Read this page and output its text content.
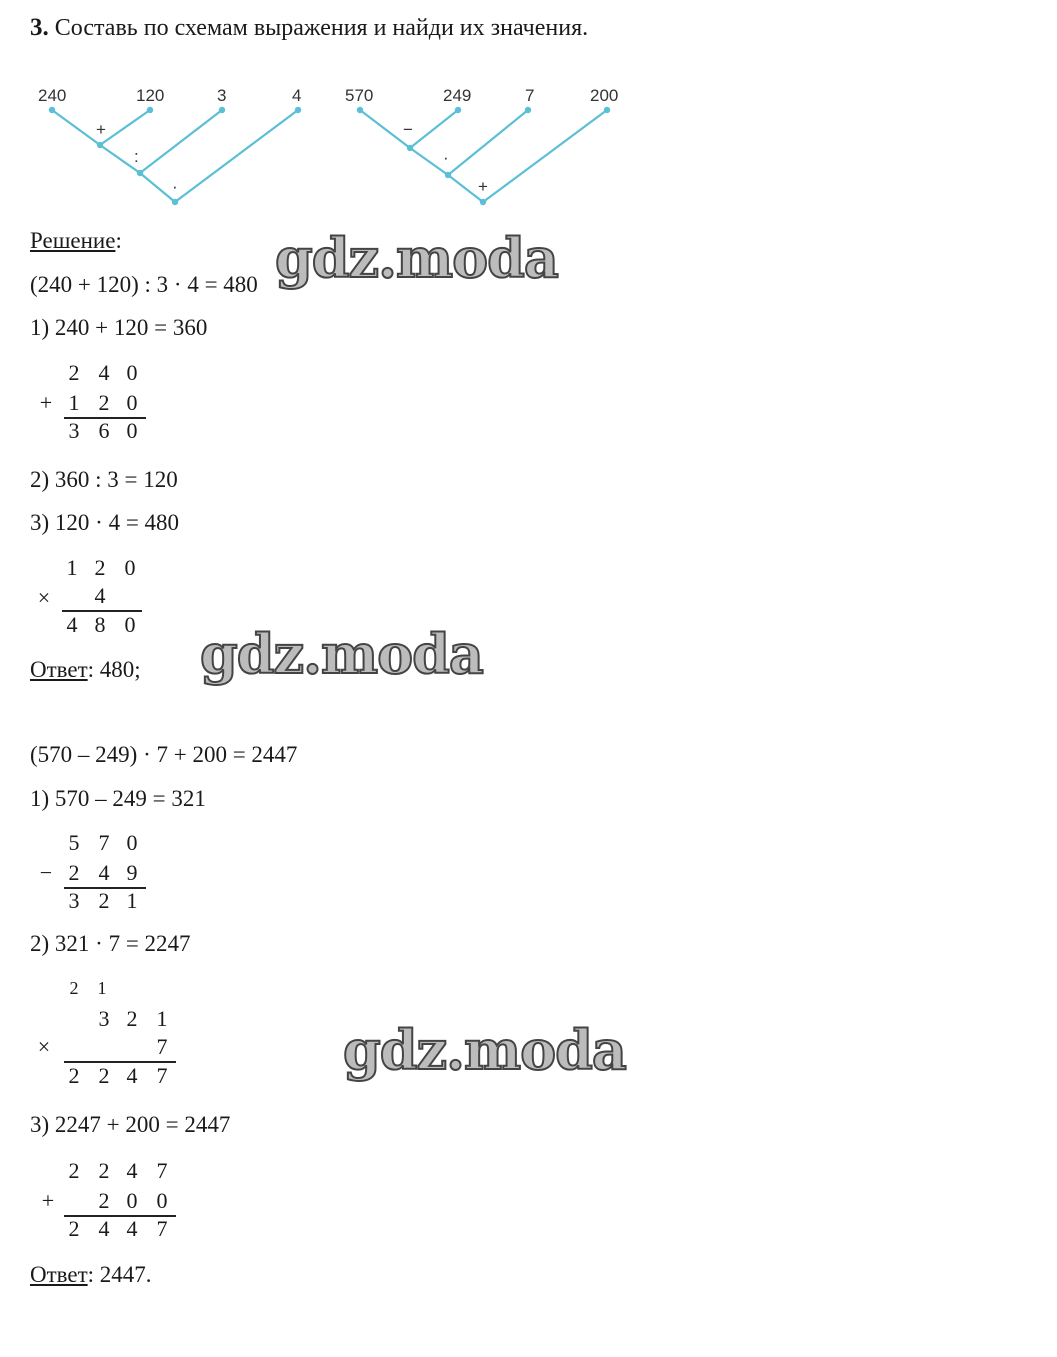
3. Составь по схемам выражения и найди их значения.
240	120	3	4
+
:
·
570	249	7	200
−
·
+
Решение:
(240 + 120) : 3 · 4 = 480
1) 240 + 120 = 360
+
2 4 0
1 2 0
3 6 0
2) 360 : 3 = 120
3) 120 · 4 = 480
×
1 2 0
4
4 8 0
Ответ: 480;
(570 – 249) · 7 + 200 = 2447
1) 570 – 249 = 321
−
5 7 0
2 4 9
3 2 1
2) 321 · 7 = 2247
2	1
3 2 1
×	7
2 2 4 7
3) 2247 + 200 = 2447
+
2 2 4 7
2 0 0
2 4 4 7
Ответ: 2447.
gdz.moda
gdz.moda
gdz.moda
